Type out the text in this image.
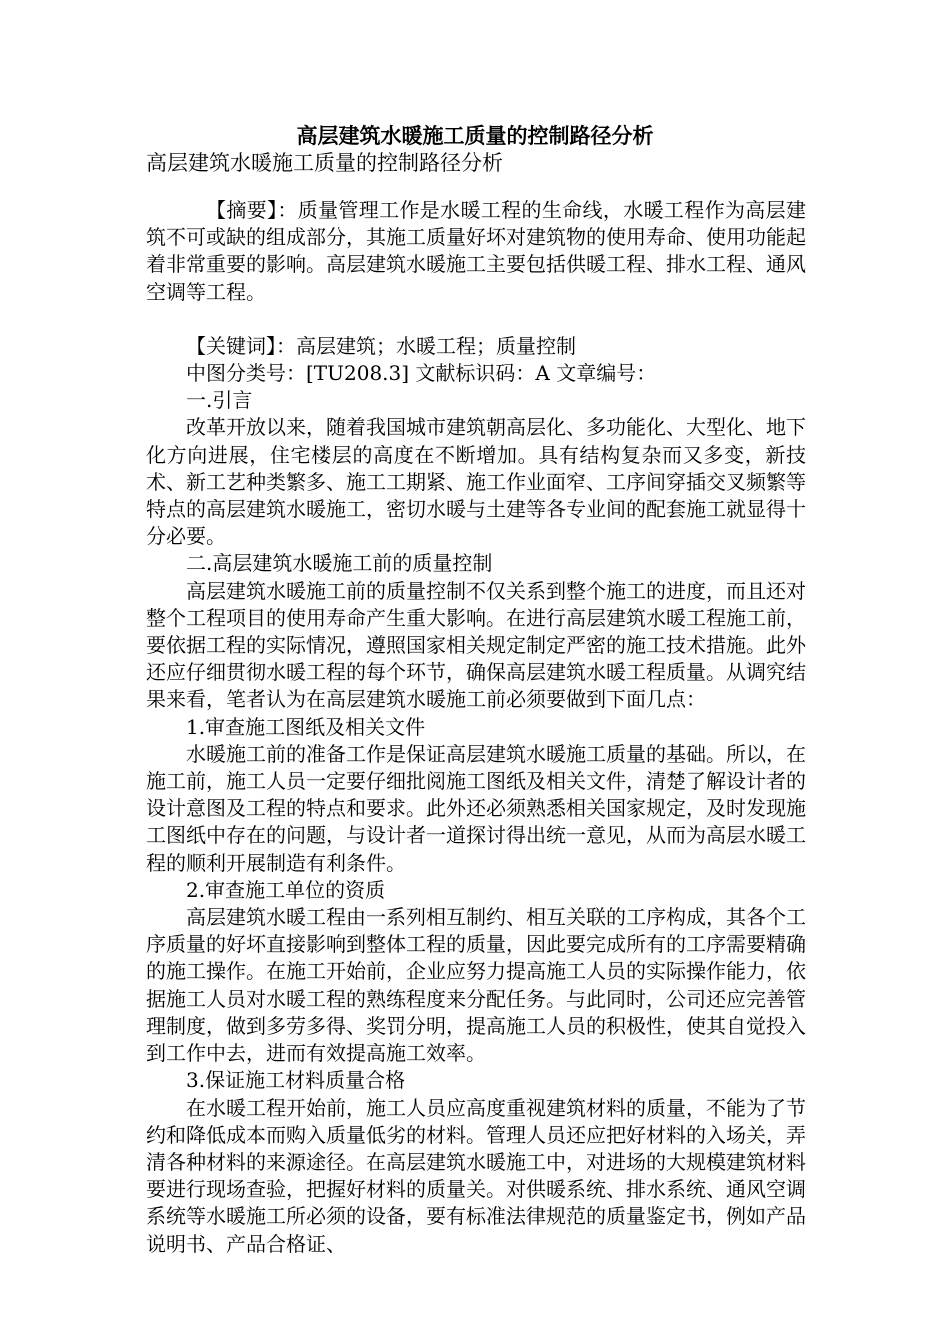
高层建筑水暖施工质量的控制路径分析
高层建筑水暖施工质量的控制路径分析

【摘要】：质量管理工作是水暖工程的生命线，水暖工程作为高层建筑不可或缺的组成部分，其施工质量好坏对建筑物的使用寿命、使用功能起着非常重要的影响。高层建筑水暖施工主要包括供暖工程、排水工程、通风空调等工程。

【关键词】：高层建筑；水暖工程；质量控制

中图分类号：[TU208.3] 文献标识码：A 文章编号：

一.引言

改革开放以来，随着我国城市建筑朝高层化、多功能化、大型化、地下化方向进展，住宅楼层的高度在不断增加。具有结构复杂而又多变，新技术、新工艺种类繁多、施工工期紧、施工作业面窄、工序间穿插交叉频繁等特点的高层建筑水暖施工，密切水暖与土建等各专业间的配套施工就显得十分必要。

二.高层建筑水暖施工前的质量控制

高层建筑水暖施工前的质量控制不仅关系到整个施工的进度，而且还对整个工程项目的使用寿命产生重大影响。在进行高层建筑水暖工程施工前，要依据工程的实际情况，遵照国家相关规定制定严密的施工技术措施。此外还应仔细贯彻水暖工程的每个环节，确保高层建筑水暖工程质量。从调究结果来看，笔者认为在高层建筑水暖施工前必须要做到下面几点：

1.审查施工图纸及相关文件

水暖施工前的准备工作是保证高层建筑水暖施工质量的基础。所以，在施工前，施工人员一定要仔细批阅施工图纸及相关文件，清楚了解设计者的设计意图及工程的特点和要求。此外还必须熟悉相关国家规定，及时发现施工图纸中存在的问题，与设计者一道探讨得出统一意见，从而为高层水暖工程的顺利开展制造有利条件。

2.审查施工单位的资质

高层建筑水暖工程由一系列相互制约、相互关联的工序构成，其各个工序质量的好坏直接影响到整体工程的质量，因此要完成所有的工序需要精确的施工操作。在施工开始前，企业应努力提高施工人员的实际操作能力，依据施工人员对水暖工程的熟练程度来分配任务。与此同时，公司还应完善管理制度，做到多劳多得、奖罚分明，提高施工人员的积极性，使其自觉投入到工作中去，进而有效提高施工效率。

3.保证施工材料质量合格

在水暖工程开始前，施工人员应高度重视建筑材料的质量，不能为了节约和降低成本而购入质量低劣的材料。管理人员还应把好材料的入场关，弄清各种材料的来源途径。在高层建筑水暖施工中，对进场的大规模建筑材料要进行现场查验，把握好材料的质量关。对供暖系统、排水系统、通风空调系统等水暖施工所必须的设备，要有标准法律规范的质量鉴定书，例如产品说明书、产品合格证、
